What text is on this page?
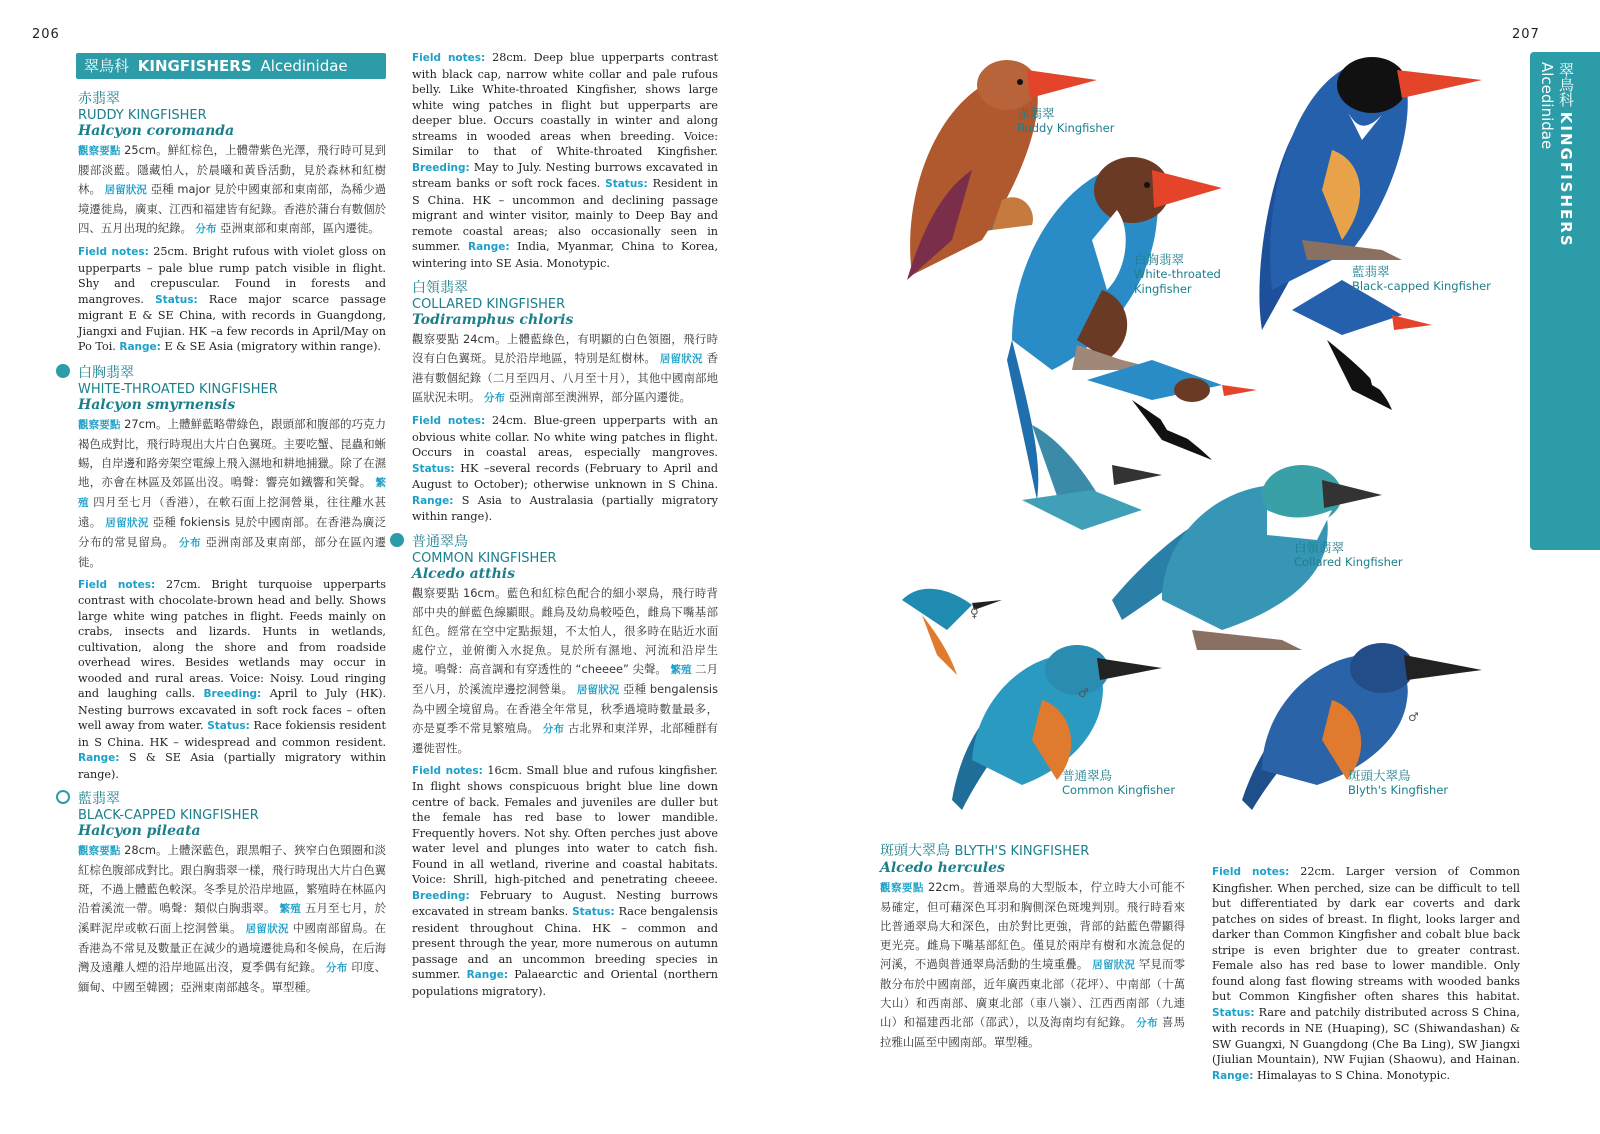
206	207
翠鳥科 KINGFISHERS Alcedinidae
赤翡翠
RUDDY KINGFISHER
Halcyon coromanda

觀察要點 25cm。鮮紅棕色，上體帶紫色光澤，飛行時可見到腰部淡藍。隱藏怕人，於晨曦和黃昏活動，見於森林和紅樹林。 居留狀況 亞種 major 見於中國東部和東南部，為稀少過境遷徙鳥，廣東、江西和福建皆有紀錄。香港於蒲台有數個於四、五月出現的紀錄。 分布 亞洲東部和東南部，區內遷徙。

Field notes: 25cm. Bright rufous with violet gloss on upperparts – pale blue rump patch visible in flight. Shy and crepuscular. Found in forests and mangroves. Status: Race major scarce passage migrant E & SE China, with records in Guangdong, Jiangxi and Fujian. HK –a few records in April/May on Po Toi. Range: E & SE Asia (migratory within range).

白胸翡翠
WHITE-THROATED KINGFISHER
Halcyon smyrnensis

觀察要點 27cm。上體鮮藍略帶綠色，跟頭部和腹部的巧克力褐色成對比，飛行時現出大片白色翼斑。主要吃蟹、昆蟲和蜥蜴，自岸邊和路旁架空電線上飛入濕地和耕地捕獵。除了在濕地，亦會在林區及郊區出沒。鳴聲：響亮如鐵響和笑聲。 繁殖 四月至七月（香港），在軟石面上挖洞營巢，往往離水甚遠。 居留狀況 亞種 fokiensis 見於中國南部。在香港為廣泛分布的常見留鳥。 分布 亞洲南部及東南部，部分在區內遷徙。

Field notes: 27cm. Bright turquoise upperparts contrast with chocolate-brown head and belly. Shows large white wing patches in flight. Feeds mainly on crabs, insects and lizards. Hunts in wetlands, cultivation, along the shore and from roadside overhead wires. Besides wetlands may occur in wooded and rural areas. Voice: Noisy. Loud ringing and laughing calls. Breeding: April to July (HK). Nesting burrows excavated in soft rock faces – often well away from water. Status: Race fokiensis resident in S China. HK – widespread and common resident. Range: S & SE Asia (partially migratory within range).

藍翡翠
BLACK-CAPPED KINGFISHER
Halcyon pileata

觀察要點 28cm。上體深藍色，跟黑帽子、狹窄白色頸圈和淡紅棕色腹部成對比。跟白胸翡翠一樣，飛行時現出大片白色翼斑，不過上體藍色較深。冬季見於沿岸地區，繁殖時在林區內沿着溪流一帶。鳴聲：類似白胸翡翠。 繁殖 五月至七月，於溪畔泥岸或軟石面上挖洞營巢。 居留狀況 中國南部留鳥。在香港為不常見及數量正在減少的過境遷徙鳥和冬候鳥，在后海灣及遠離人煙的沿岸地區出沒，夏季偶有紀錄。 分布 印度、緬甸、中國至韓國；亞洲東南部越冬。單型種。

Field notes: 28cm. Deep blue upperparts contrast with black cap, narrow white collar and pale rufous belly. Like White-throated Kingfisher, shows large white wing patches in flight but upperparts are deeper blue. Occurs coastally in winter and along streams in wooded areas when breeding. Voice: Similar to that of White-throated Kingfisher. Breeding: May to July. Nesting burrows excavated in stream banks or soft rock faces. Status: Resident in S China. HK – uncommon and declining passage migrant and winter visitor, mainly to Deep Bay and remote coastal areas; also occasionally seen in summer. Range: India, Myanmar, China to Korea, wintering into SE Asia. Monotypic.

白領翡翠
COLLARED KINGFISHER
Todiramphus chloris

觀察要點 24cm。上體藍綠色，有明顯的白色領圈，飛行時沒有白色翼斑。見於沿岸地區，特別是紅樹林。 居留狀況 香港有數個紀錄（二月至四月、八月至十月），其他中國南部地區狀況未明。 分布 亞洲南部至澳洲界，部分區內遷徙。

Field notes: 24cm. Blue-green upperparts with an obvious white collar. No white wing patches in flight. Occurs in coastal areas, especially mangroves. Status: HK –several records (February to April and August to October); otherwise unknown in S China. Range: S Asia to Australasia (partially migratory within range).

普通翠鳥
COMMON KINGFISHER
Alcedo atthis

觀察要點 16cm。藍色和紅棕色配合的細小翠鳥，飛行時背部中央的鮮藍色線顯眼。雌鳥及幼鳥較啞色，雌鳥下嘴基部紅色。經常在空中定點振翅，不太怕人，很多時在貼近水面處佇立，並俯衝入水捉魚。見於所有濕地、河流和沿岸生境。鳴聲：高音調和有穿透性的 “cheeee” 尖聲。 繁殖 二月至八月，於溪流岸邊挖洞營巢。 居留狀況 亞種 bengalensis 為中國全境留鳥。在香港全年常見，秋季過境時數量最多，亦是夏季不常見繁殖鳥。 分布 古北界和東洋界，北部種群有遷徙習性。

Field notes: 16cm. Small blue and rufous kingfisher. In flight shows conspicuous bright blue line down centre of back. Females and juveniles are duller but the female has red base to lower mandible. Frequently hovers. Not shy. Often perches just above water level and plunges into water to catch fish. Found in all wetland, riverine and coastal habitats. Voice: Shrill, high-pitched and penetrating cheeee. Breeding: February to August. Nesting burrows excavated in stream banks. Status: Race bengalensis resident throughout China. HK – common and present through the year, more numerous on autumn passage and an uncommon breeding species in summer. Range: Palaearctic and Oriental (northern populations migratory).

赤翡翠
Ruddy Kingfisher
白胸翡翠
White-throated
Kingfisher
藍翡翠
Black-capped Kingfisher
白領翡翠
Collared Kingfisher
普通翠鳥
Common Kingfisher
斑頭大翠鳥
Blyth's Kingfisher
♀
♂
♂
翠鳥科 KINGFISHERS
Alcedinidae
斑頭大翠鳥 BLYTH'S KINGFISHER
Alcedo hercules

觀察要點 22cm。普通翠鳥的大型版本，佇立時大小可能不易確定，但可藉深色耳羽和胸側深色斑塊判別。飛行時看來比普通翠鳥大和深色，由於對比更強，背部的鈷藍色帶顯得更光亮。雌鳥下嘴基部紅色。僅見於兩岸有樹和水流急促的河溪，不過與普通翠鳥活動的生境重疊。 居留狀況 罕見而零散分布於中國南部，近年廣西東北部（花坪）、中南部（十萬大山）和西南部、廣東北部（車八嶺）、江西西南部（九連山）和福建西北部（邵武），以及海南均有紀錄。 分布 喜馬拉雅山區至中國南部。單型種。

Field notes: 22cm. Larger version of Common Kingfisher. When perched, size can be difficult to tell but differentiated by dark ear coverts and dark patches on sides of breast. In flight, looks larger and darker than Common Kingfisher and cobalt blue back stripe is even brighter due to greater contrast. Female also has red base to lower mandible. Only found along fast flowing streams with wooded banks but Common Kingfisher often shares this habitat. Status: Rare and patchily distributed across S China, with records in NE (Huaping), SC (Shiwandashan) & SW Guangxi, N Guangdong (Che Ba Ling), SW Jiangxi (Jiulian Mountain), NW Fujian (Shaowu), and Hainan. Range: Himalayas to S China. Monotypic.
